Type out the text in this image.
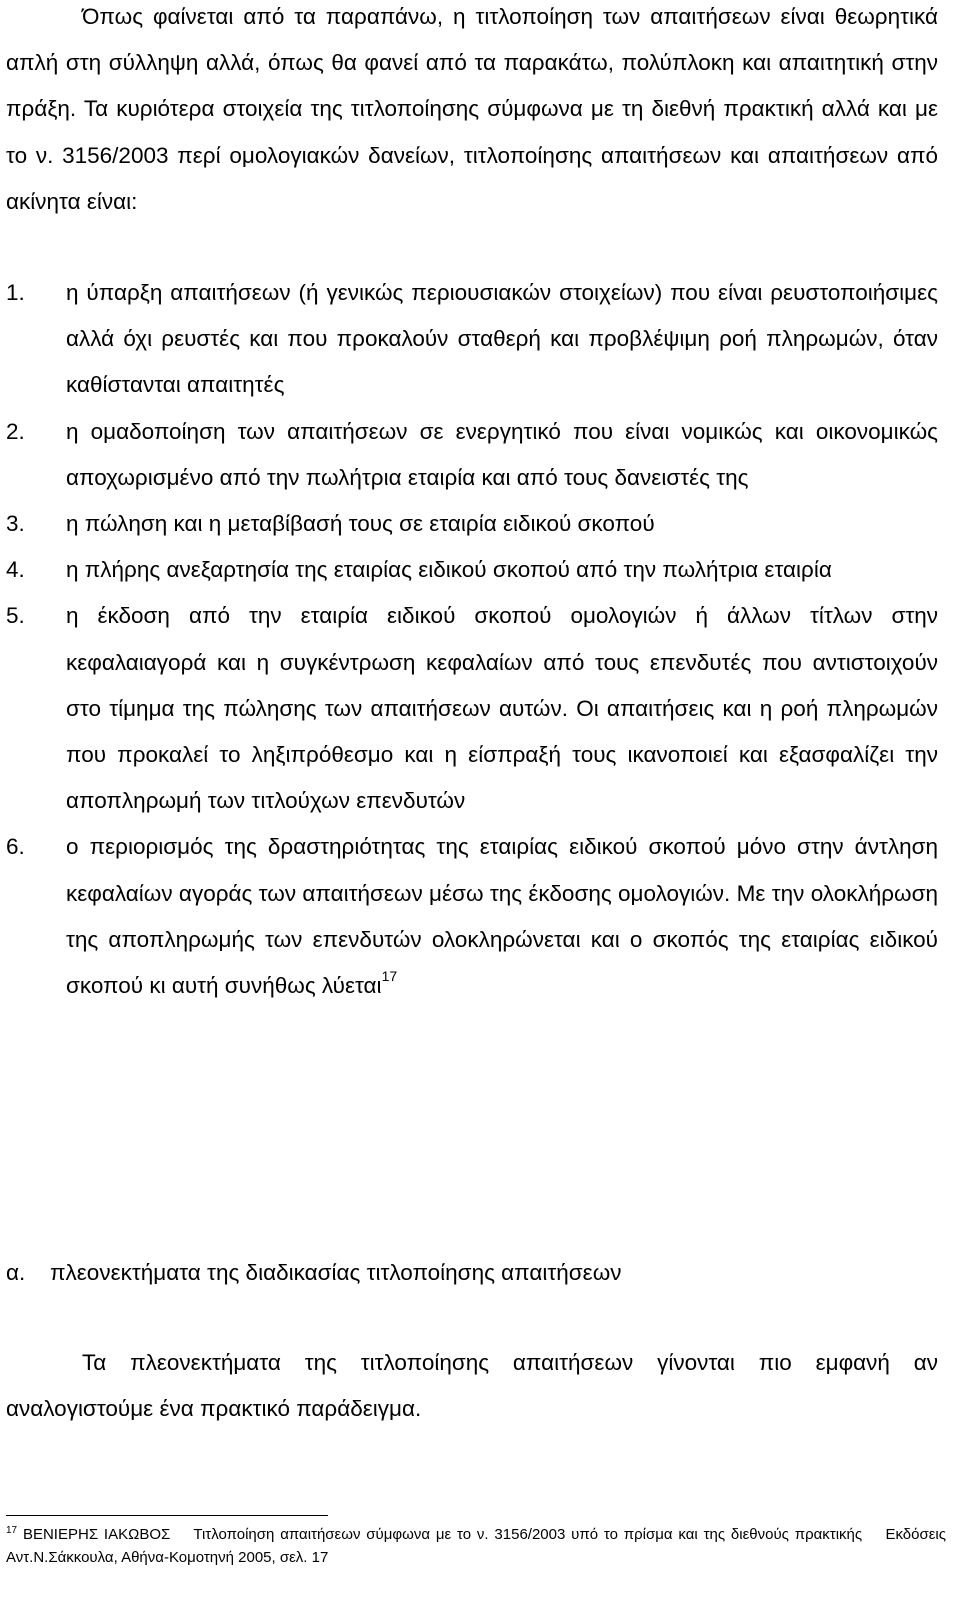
Όπως φαίνεται από τα παραπάνω, η τιτλοποίηση των απαιτήσεων είναι θεωρητικά απλή στη σύλληψη αλλά, όπως θα φανεί από τα παρακάτω, πολύπλοκη και απαιτητική στην πράξη. Τα κυριότερα στοιχεία της τιτλοποίησης σύμφωνα με τη διεθνή πρακτική αλλά και με το ν. 3156/2003 περί ομολογιακών δανείων, τιτλοποίησης απαιτήσεων και απαιτήσεων από ακίνητα είναι:

1. η ύπαρξη απαιτήσεων (ή γενικώς περιουσιακών στοιχείων) που είναι ρευστοποιήσιμες αλλά όχι ρευστές και που προκαλούν σταθερή και προβλέψιμη ροή πληρωμών, όταν καθίστανται απαιτητές
2. η ομαδοποίηση των απαιτήσεων σε ενεργητικό που είναι νομικώς και οικονομικώς αποχωρισμένο από την πωλήτρια εταιρία και από τους δανειστές της
3. η πώληση και η μεταβίβασή τους σε εταιρία ειδικού σκοπού
4. η πλήρης ανεξαρτησία της εταιρίας ειδικού σκοπού από την πωλήτρια εταιρία
5. η έκδοση από την εταιρία ειδικού σκοπού ομολογιών ή άλλων τίτλων στην κεφαλαιαγορά και η συγκέντρωση κεφαλαίων από τους επενδυτές που αντιστοιχούν στο τίμημα της πώλησης των απαιτήσεων αυτών. Οι απαιτήσεις και η ροή πληρωμών που προκαλεί το ληξιπρόθεσμο και η είσπραξή τους ικανοποιεί και εξασφαλίζει την αποπληρωμή των τιτλούχων επενδυτών
6. ο περιορισμός της δραστηριότητας της εταιρίας ειδικού σκοπού μόνο στην άντληση κεφαλαίων αγοράς των απαιτήσεων μέσω της έκδοσης ομολογιών. Με την ολοκλήρωση της αποπληρωμής των επενδυτών ολοκληρώνεται και ο σκοπός της εταιρίας ειδικού σκοπού κι αυτή συνήθως λύεται$^{17}$
α. πλεονεκτήματα της διαδικασίας τιτλοποίησης απαιτήσεων

Τα πλεονεκτήματα της τιτλοποίησης απαιτήσεων γίνονται πιο εμφανή αν αναλογιστούμε ένα πρακτικό παράδειγμα.

$^{17}$ ΒΕΝΙΕΡΗΣ ΙΑΚΩΒΟΣ    Τιτλοποίηση απαιτήσεων σύμφωνα με το ν. 3156/2003 υπό το πρίσμα και της διεθνούς πρακτικής    Εκδόσεις Αντ.Ν.Σάκκουλα, Αθήνα-Κομοτηνή 2005, σελ. 17
